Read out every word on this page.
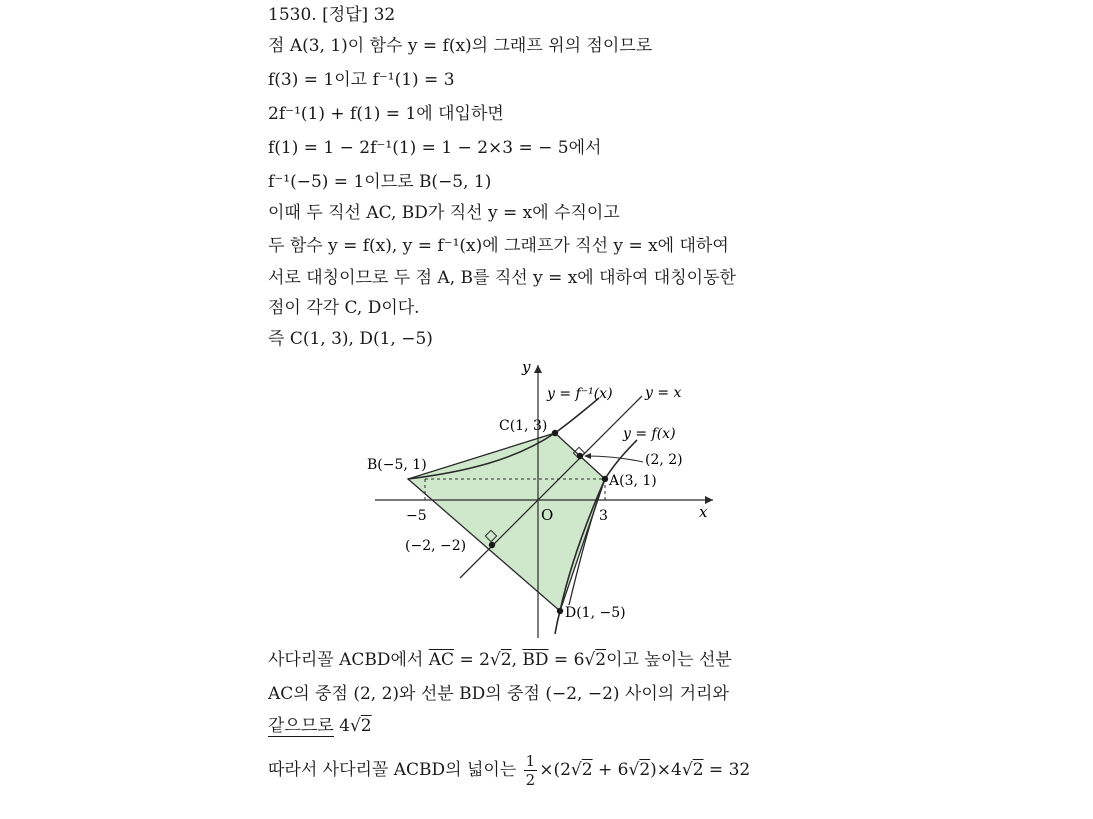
1530. [정답] 32
점 A(3, 1)이 함수 y = f(x)의 그래프 위의 점이므로
f(3) = 1이고 f⁻¹(1) = 3
2f⁻¹(1) + f(1) = 1에 대입하면
f(1) = 1 − 2f⁻¹(1) = 1 − 2×3 = − 5에서
f⁻¹(−5) = 1이므로 B(−5, 1)
이때 두 직선 AC, BD가 직선 y = x에 수직이고
두 함수 y = f(x), y = f⁻¹(x)에 그래프가 직선 y = x에 대하여
서로 대칭이므로 두 점 A, B를 직선 y = x에 대하여 대칭이동한
점이 각각 C, D이다.
즉 C(1, 3), D(1, −5)
y
x
O
y = f⁻¹(x) y = x
y = f(x)
C(1, 3)
B(−5, 1)	(2, 2)
A(3, 1)
−5	3
(−2, −2)
D(1, −5)
사다리꼴 ACBD에서 $\overline{AC} = 2√2$, $\overline{BD} = 6√2$이고 높이는 선분
AC의 중점 (2, 2)와 선분 BD의 중점 (−2, −2) 사이의 거리와
같으므로 4√2
따라서 사다리꼴 ACBD의 넓이는 $\frac{1}{2} \times(2√2 + 6√2)\times 4√2 = 32$
